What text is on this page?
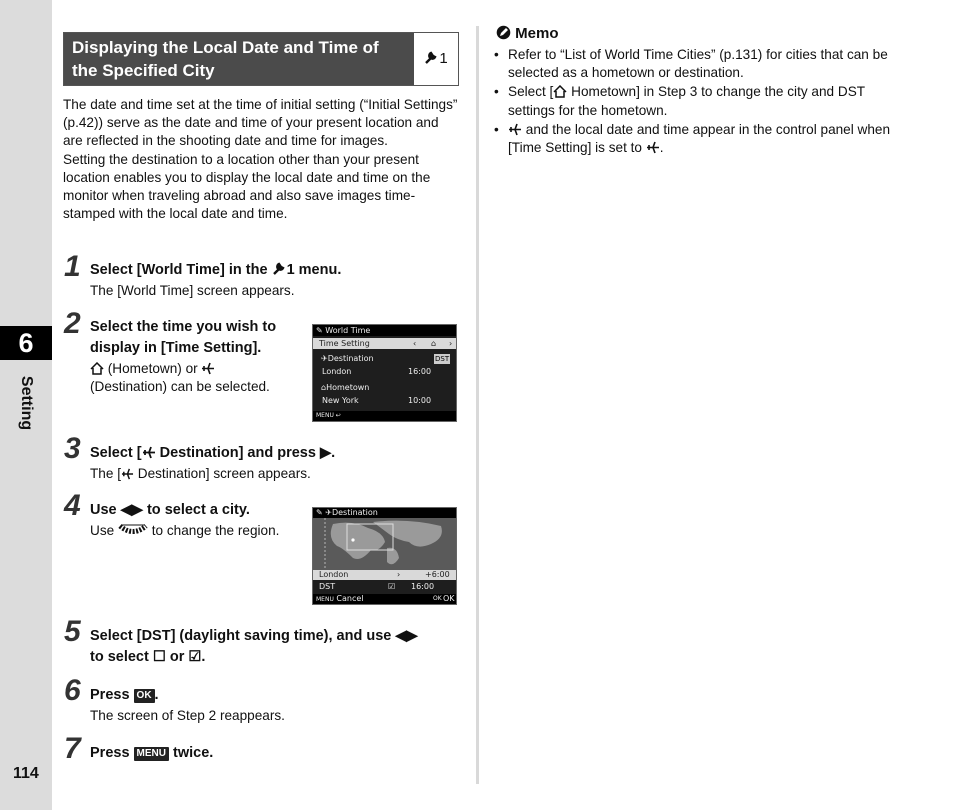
6
Setting
114
Displaying the Local Date and Time of the Specified City
1
The date and time set at the time of initial setting (“Initial Settings” (p.42)) serve as the date and time of your present location and are reflected in the shooting date and time for images.
Setting the destination to a location other than your present location enables you to display the local date and time on the monitor when traveling abroad and also save images time-stamped with the local date and time.
1 Select [World Time] in the 1 menu.
The [World Time] screen appears.
2 Select the time you wish to display in [Time Setting].
(Hometown) or
(Destination) can be selected.
✎ World Time
Time Setting	‹ ⌂ ›
✈Destination	DST
London	16:00
⌂Hometown
New York	10:00
MENU ↩
3 Select [ Destination] and press ▶.
The [ Destination] screen appears.
4 Use ◀▶ to select a city.
Use  to change the region.
✎ ✈Destination
London	›	+6:00
DST	☑ 16:00
MENU Cancel	OK OK
5 Select [DST] (daylight saving time), and use ◀▶
to select ☐ or ☑.
6 Press OK .
The screen of Step 2 reappears.
7 Press MENU twice.
Memo
• Refer to “List of World Time Cities” (p.131) for cities that can be selected as a hometown or destination.
• Select [ Hometown] in Step 3 to change the city and DST settings for the hometown.
• and the local date and time appear in the control panel when [Time Setting] is set to .
